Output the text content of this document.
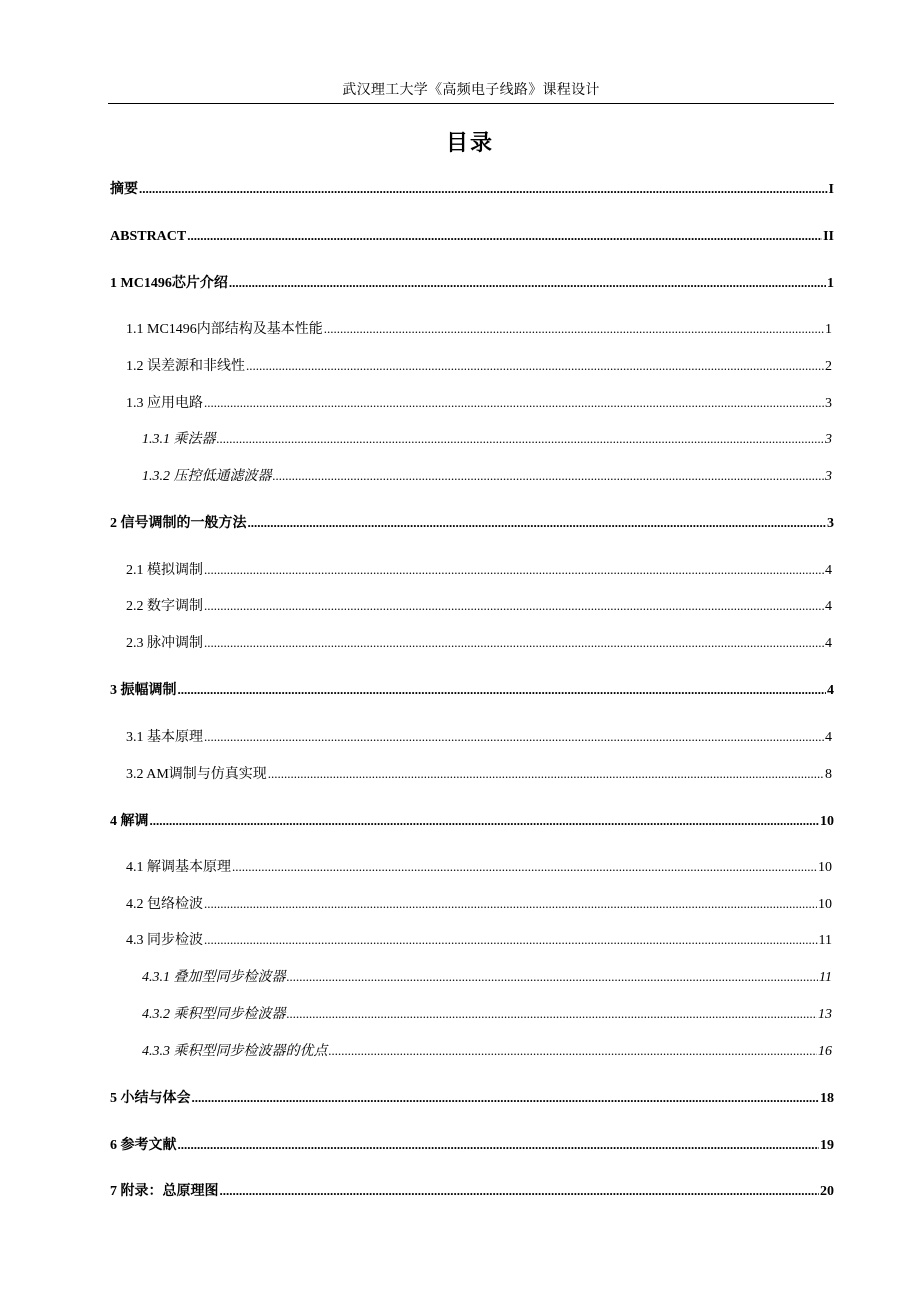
武汉理工大学《高频电子线路》课程设计
目录
摘要 .....	I
ABSTRACT .....	II
1 MC1496芯片介绍 .....	1
1.1 MC1496内部结构及基本性能 .....	1
1.2 误差源和非线性 .....	2
1.3 应用电路 .....	3
1.3.1 乘法器 .....	3
1.3.2 压控低通滤波器 .....	3
2 信号调制的一般方法 .....	3
2.1 模拟调制 .....	4
2.2 数字调制 .....	4
2.3 脉冲调制 .....	4
3 振幅调制 .....	4
3.1 基本原理 .....	4
3.2 AM调制与仿真实现 .....	8
4 解调 .....	10
4.1 解调基本原理 .....	10
4.2 包络检波 .....	10
4.3 同步检波 .....	11
4.3.1 叠加型同步检波器 .....	11
4.3.2 乘积型同步检波器 .....	13
4.3.3 乘积型同步检波器的优点 .....	16
5 小结与体会 .....	18
6 参考文献 .....	19
7 附录：总原理图 .....	20
